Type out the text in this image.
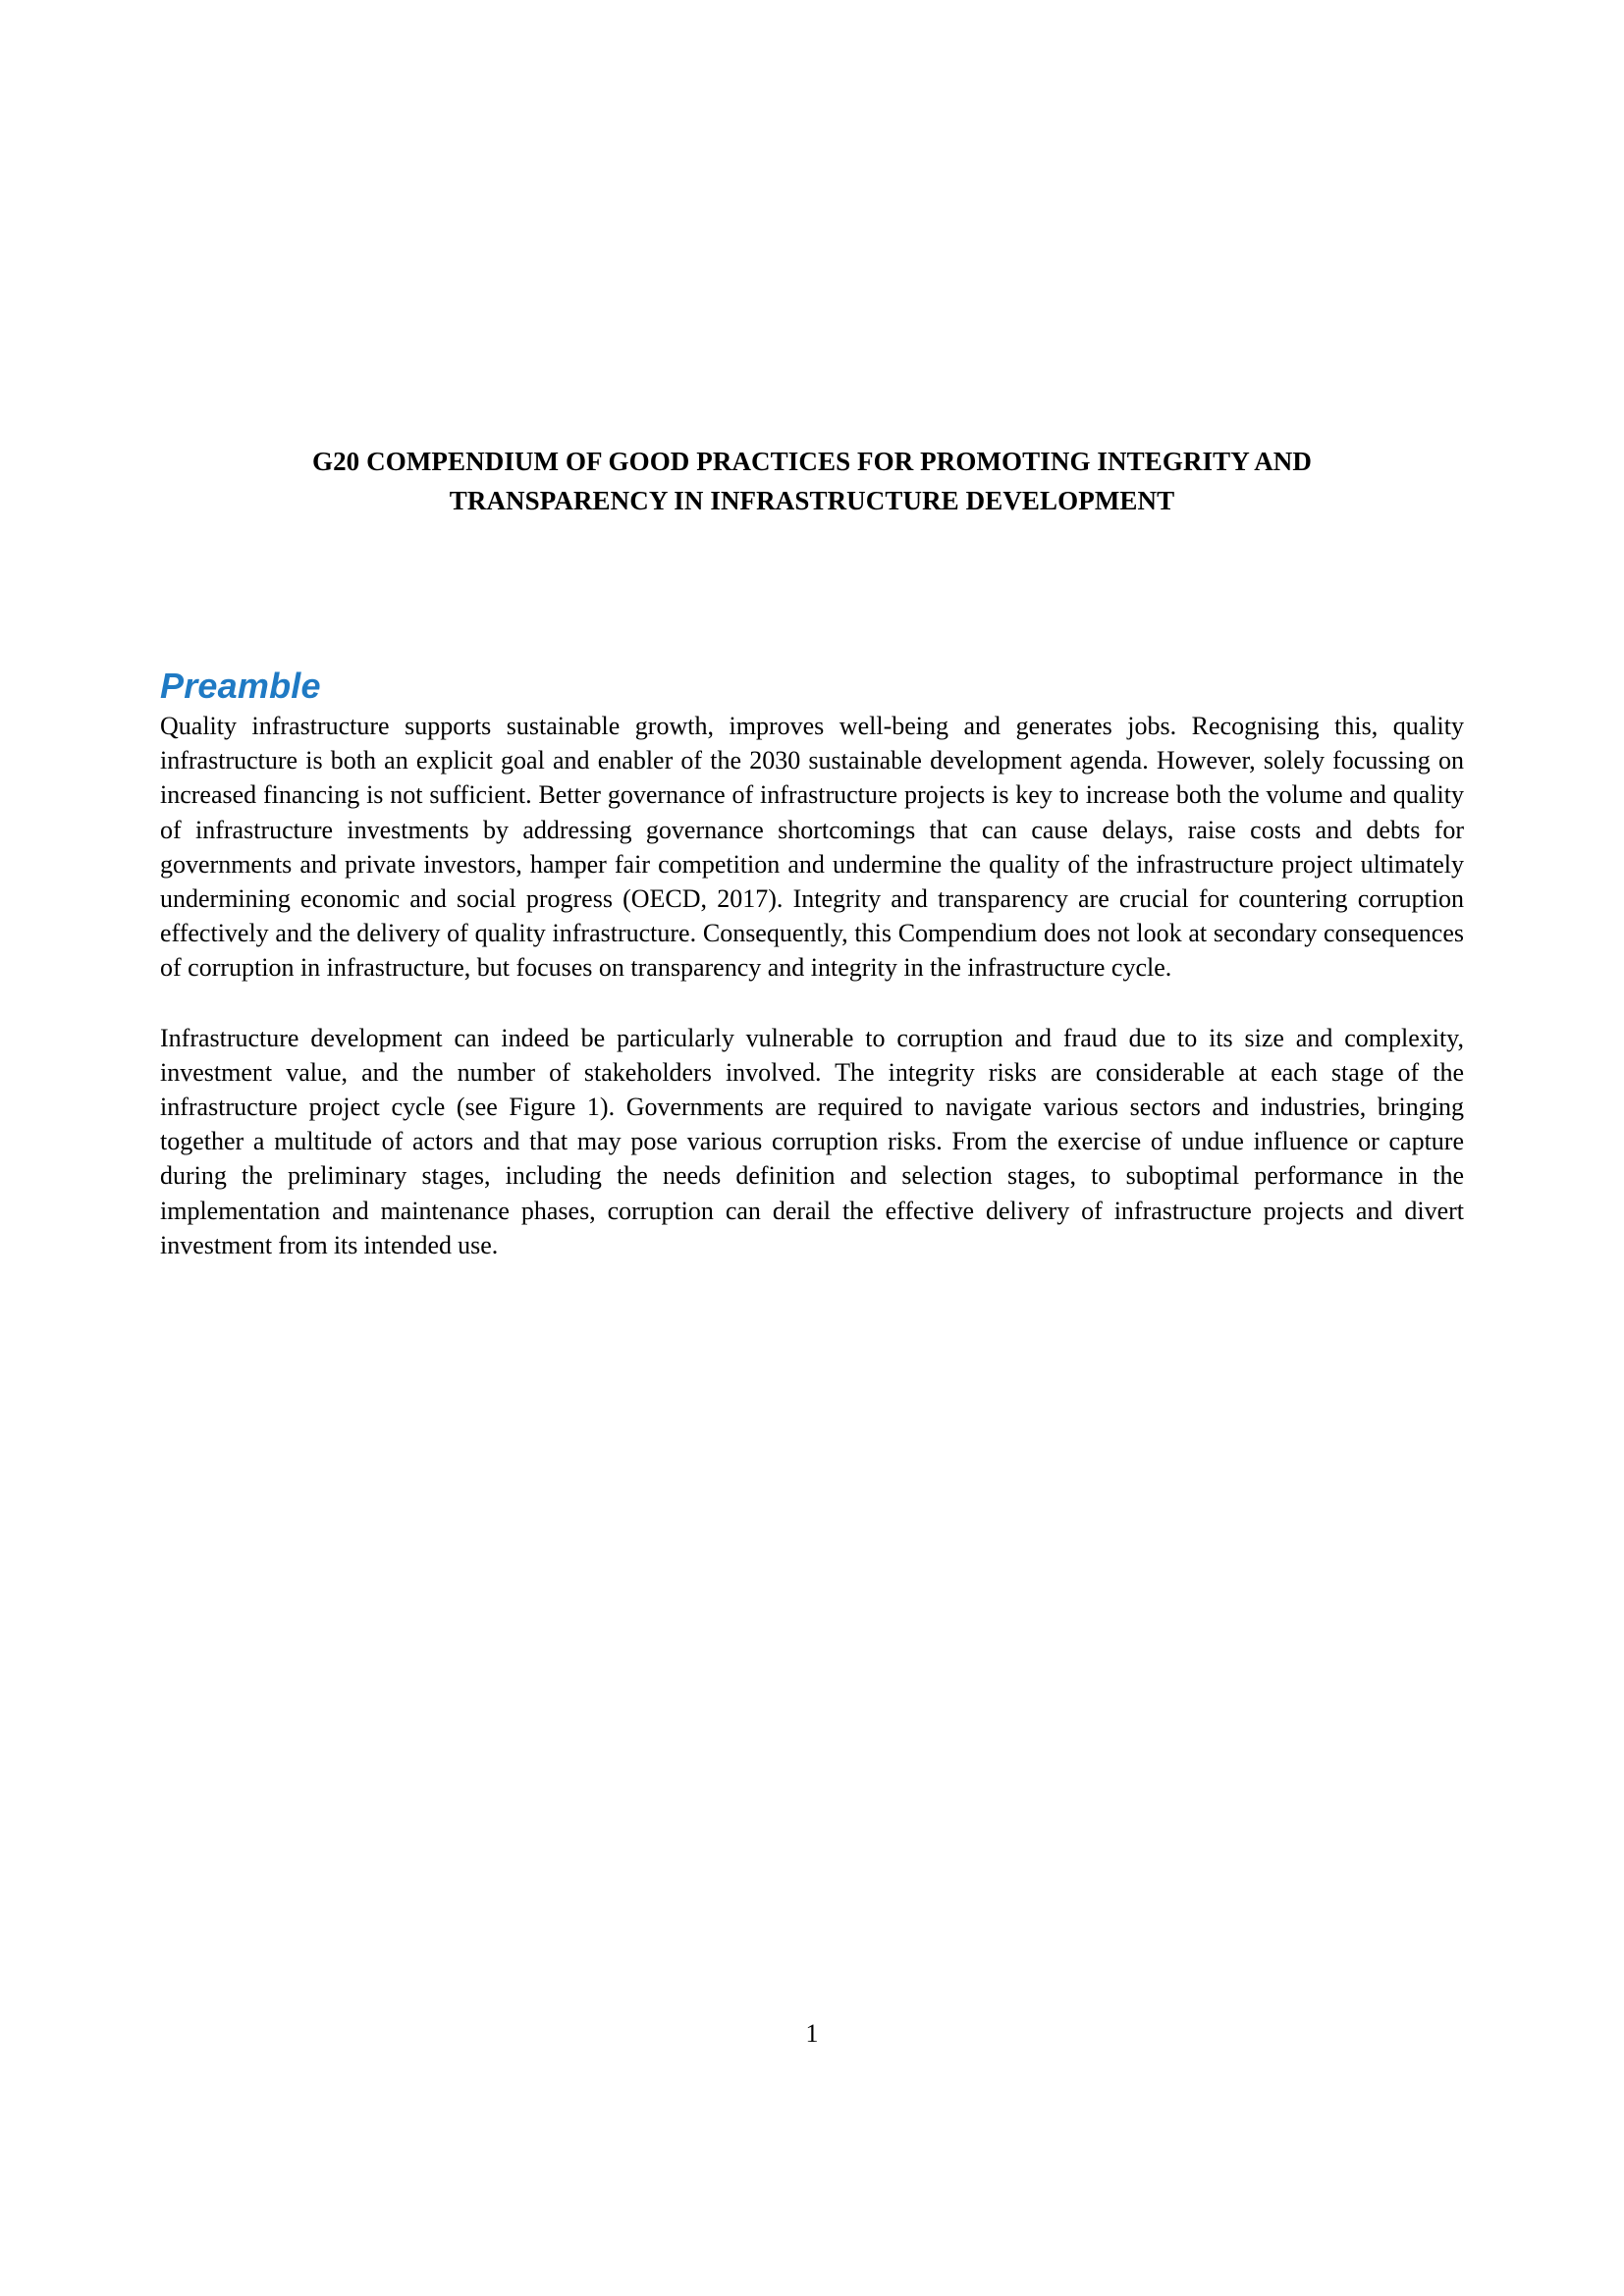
G20 COMPENDIUM OF GOOD PRACTICES FOR PROMOTING INTEGRITY AND
TRANSPARENCY IN INFRASTRUCTURE DEVELOPMENT
Preamble

Quality infrastructure supports sustainable growth, improves well-being and generates jobs. Recognising this, quality infrastructure is both an explicit goal and enabler of the 2030 sustainable development agenda. However, solely focussing on increased financing is not sufficient. Better governance of infrastructure projects is key to increase both the volume and quality of infrastructure investments by addressing governance shortcomings that can cause delays, raise costs and debts for governments and private investors, hamper fair competition and undermine the quality of the infrastructure project ultimately undermining economic and social progress (OECD, 2017). Integrity and transparency are crucial for countering corruption effectively and the delivery of quality infrastructure. Consequently, this Compendium does not look at secondary consequences of corruption in infrastructure, but focuses on transparency and integrity in the infrastructure cycle.

Infrastructure development can indeed be particularly vulnerable to corruption and fraud due to its size and complexity, investment value, and the number of stakeholders involved. The integrity risks are considerable at each stage of the infrastructure project cycle (see Figure 1). Governments are required to navigate various sectors and industries, bringing together a multitude of actors and that may pose various corruption risks. From the exercise of undue influence or capture during the preliminary stages, including the needs definition and selection stages, to suboptimal performance in the implementation and maintenance phases, corruption can derail the effective delivery of infrastructure projects and divert investment from its intended use.

1
